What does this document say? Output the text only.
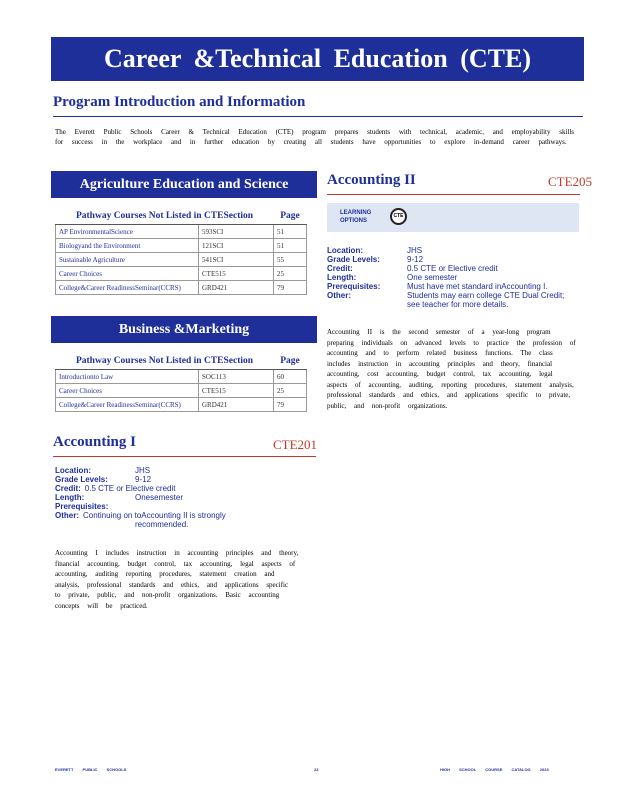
Career &Technical Education (CTE)
Program Introduction and Information
The Everett Public Schools Career & Technical Education (CTE) program prepares students with technical, academic, and employability skills for success in the workplace and in further education by creating all students have opportunities to explore in-demand career pathways.
Agriculture Education and Science
Pathway Courses Not Listed in CTESection		Page
AP EnvironmentalScience	593SCI	51
Biologyand the Environment	121SCI	51
Sustainable Agriculture	541SCI	55
Career Choices	CTE515	25
College&Career ReadinessSeminar(CCRS)	GRD421	79
Business &Marketing
Pathway Courses Not Listed in CTESection		Page
Introductionto Law	SOC113	60
Career Choices	CTE515	25
College&Career ReadinessSeminar(CCRS)	GRD421	79
Accounting I	CTE201
Location:	JHS
Grade Levels:	9-12
Credit: 0.5 CTE or Elective credit
Length:	Onesemester
Prerequisites:
Other: Continuing on toAccounting II is strongly
recommended.
Accounting I includes instruction in accounting principles and theory, financial accounting, budget control, tax accounting, legal aspects of accounting, auditing reporting procedures, statement creation and analysis, professional standards and ethics, and applications specific to private, public, and non-profit organizations. Basic accounting concepts will be practiced.
Accounting II	CTE205
LEARNING OPTIONS
CTE
Location:	JHS
Grade Levels:	9-12
Credit:	0.5 CTE or Elective credit
Length:	One semester
Prerequisites:	Must have met standard inAccounting I.
Other:	Students may earn college CTE Dual Credit; see teacher for more details.
Accounting II is the second semester of a year-long program preparing individuals on advanced levels to practice the profession of accounting and to perform related business functions. The class includes instruction in accounting principles and theory, financial accounting, cost accounting, budget control, tax accounting, legal aspects of accounting, auditing, reporting procedures, statement analysis, professional standards and ethics, and applications specific to private, public, and non-profit organizations.
EVERETT PUBLIC SCHOOLS	23	HIGH SCHOOL COURSE CATALOG 2023
